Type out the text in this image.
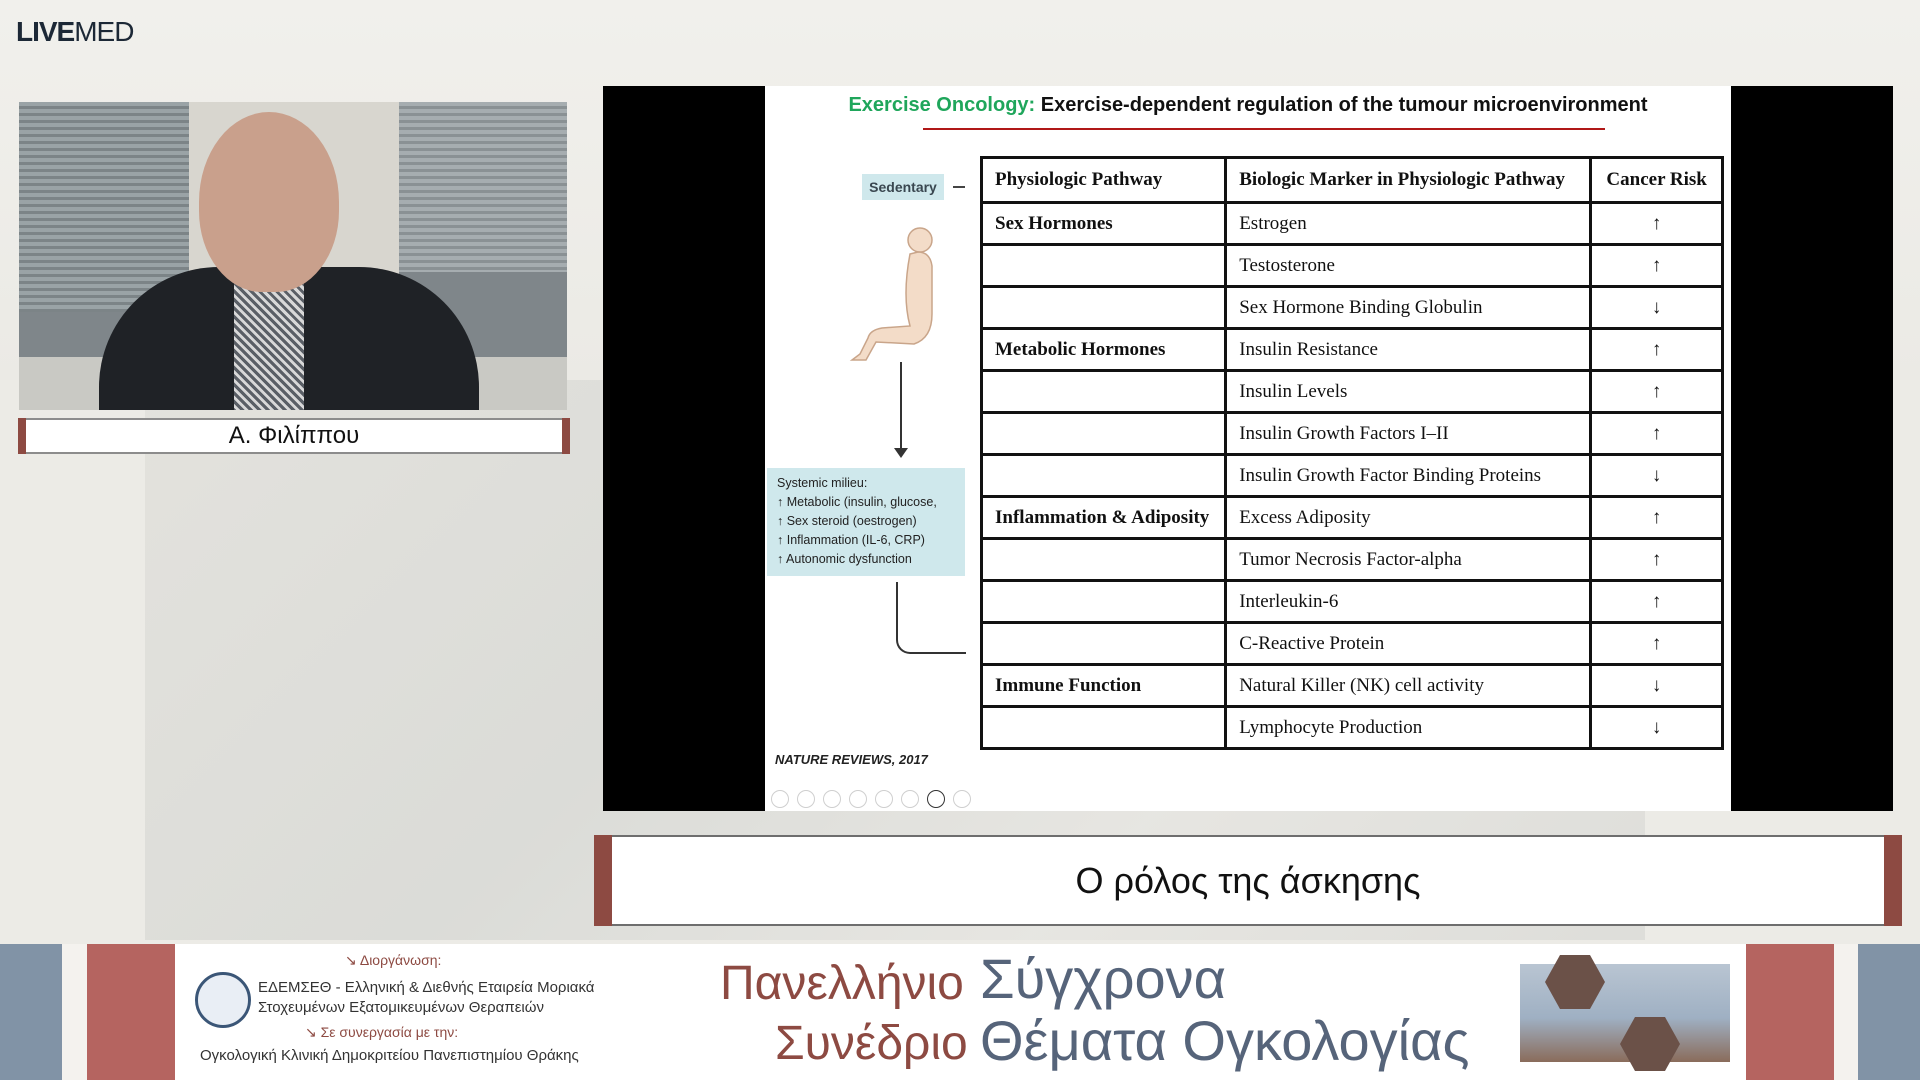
LIVEMED
Α. Φιλίππου
Exercise Oncology: Exercise-dependent regulation of the tumour microenvironment
Sedentary
Systemic milieu:
↑ Metabolic (insulin, glucose,
↑ Sex steroid (oestrogen)
↑ Inflammation (IL-6, CRP)
↑ Autonomic dysfunction
NATURE REVIEWS, 2017
Physiologic Pathway	Biologic Marker in Physiologic Pathway	Cancer Risk
Sex Hormones	Estrogen	↑
	Testosterone	↑
	Sex Hormone Binding Globulin	↓
Metabolic Hormones	Insulin Resistance	↑
	Insulin Levels	↑
	Insulin Growth Factors I–II	↑
	Insulin Growth Factor Binding Proteins	↓
Inflammation & Adiposity	Excess Adiposity	↑
	Tumor Necrosis Factor-alpha	↑
	Interleukin-6	↑
	C-Reactive Protein	↑
Immune Function	Natural Killer (NK) cell activity	↓
	Lymphocyte Production	↓
Ο ρόλος της άσκησης
↘ Διοργάνωση:
ΕΔΕΜΣΕΘ - Ελληνική & Διεθνής Εταιρεία Μοριακά
Στοχευμένων Εξατομικευμένων Θεραπειών
↘ Σε συνεργασία με την:
Ογκολογική Κλινική Δημοκριτείου Πανεπιστημίου Θράκης
Πανελλήνιο
Συνέδριο
Σύγχρονα
Θέματα Ογκολογίας
